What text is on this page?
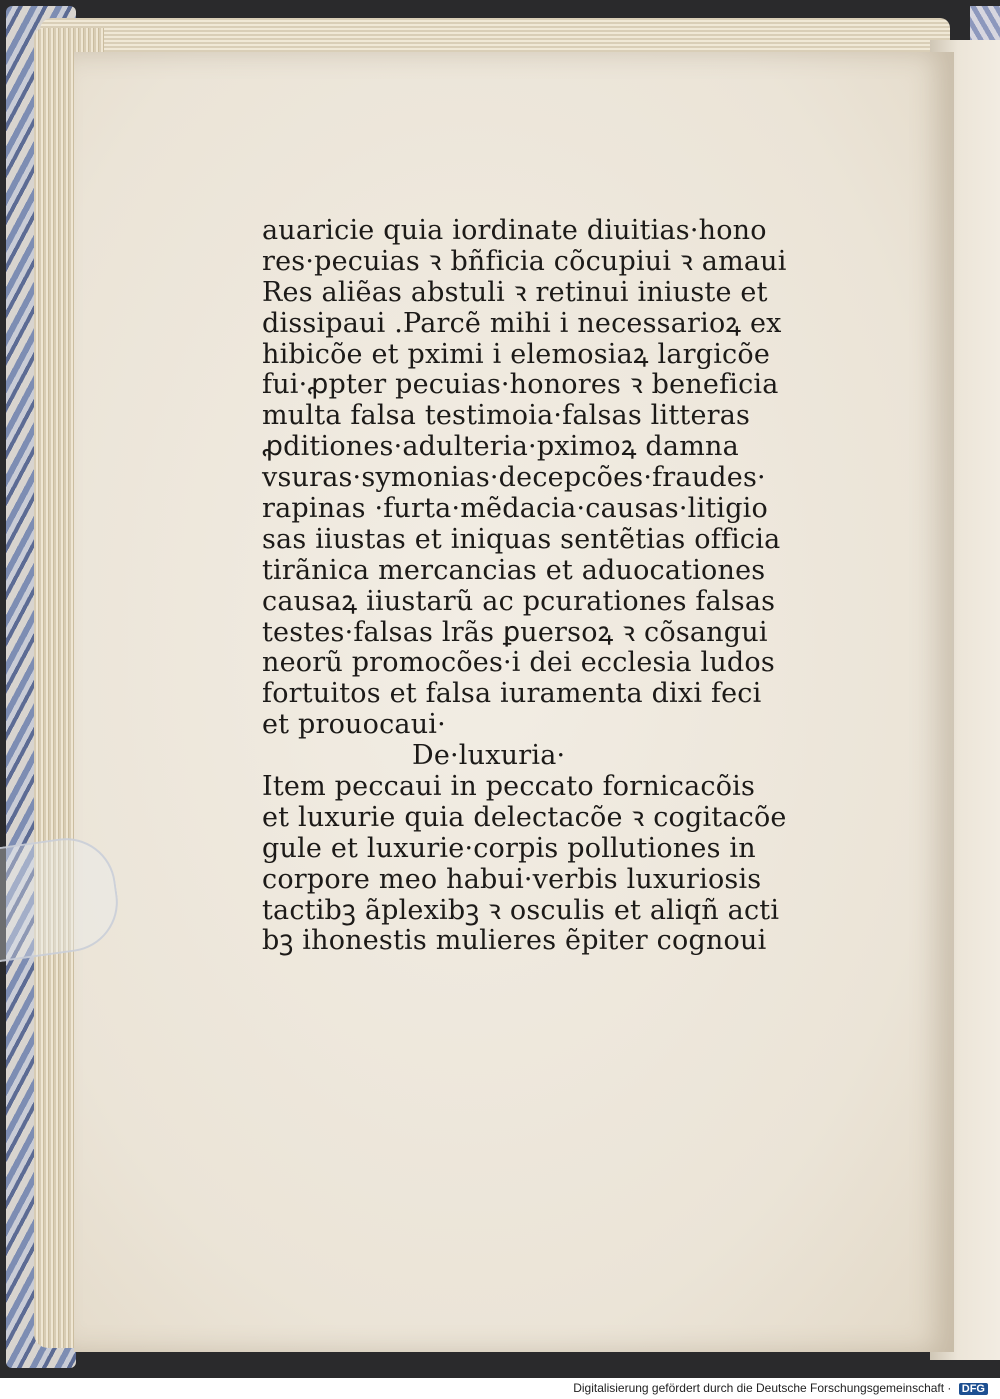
auaricie quia iordinate diuitias·hono
res·pecuias ꝛ bñficia cõcupiui ꝛ amaui
Res aliẽas abstuli ꝛ retinui iniuste et
dissipaui .Parcẽ mihi i necessarioꝝ ex
hibicõe et pximi i elemosiaꝝ largicõe
fui·ꝓpter pecuias·honores ꝛ beneficia
multa falsa testimoia·falsas litteras
ꝓditiones·adulteria·pximoꝝ damna
vsuras·symonias·decepcões·fraudes·
rapinas ·furta·mẽdacia·causas·litigio
sas iiustas et iniquas sentẽtias officia
tirãnica mercancias et aduocationes
causaꝝ iiustarũ ac pcurationes falsas
testes·falsas lrãs ꝑuersoꝝ ꝛ cõsangui
neorũ promocões·i dei ecclesia ludos
fortuitos et falsa iuramenta dixi feci
et prouocaui·
De·luxuria·
Item peccaui in peccato fornicacõis
et luxurie quia delectacõe ꝛ cogitacõe
gule et luxurie·corpis pollutiones in
corpore meo habui·verbis luxuriosis
tactibꝫ ãplexibꝫ ꝛ osculis et aliqñ acti
bꝫ ihonestis mulieres ẽpiter cognoui
Digitalisierung gefördert durch die Deutsche Forschungsgemeinschaft · DFG
